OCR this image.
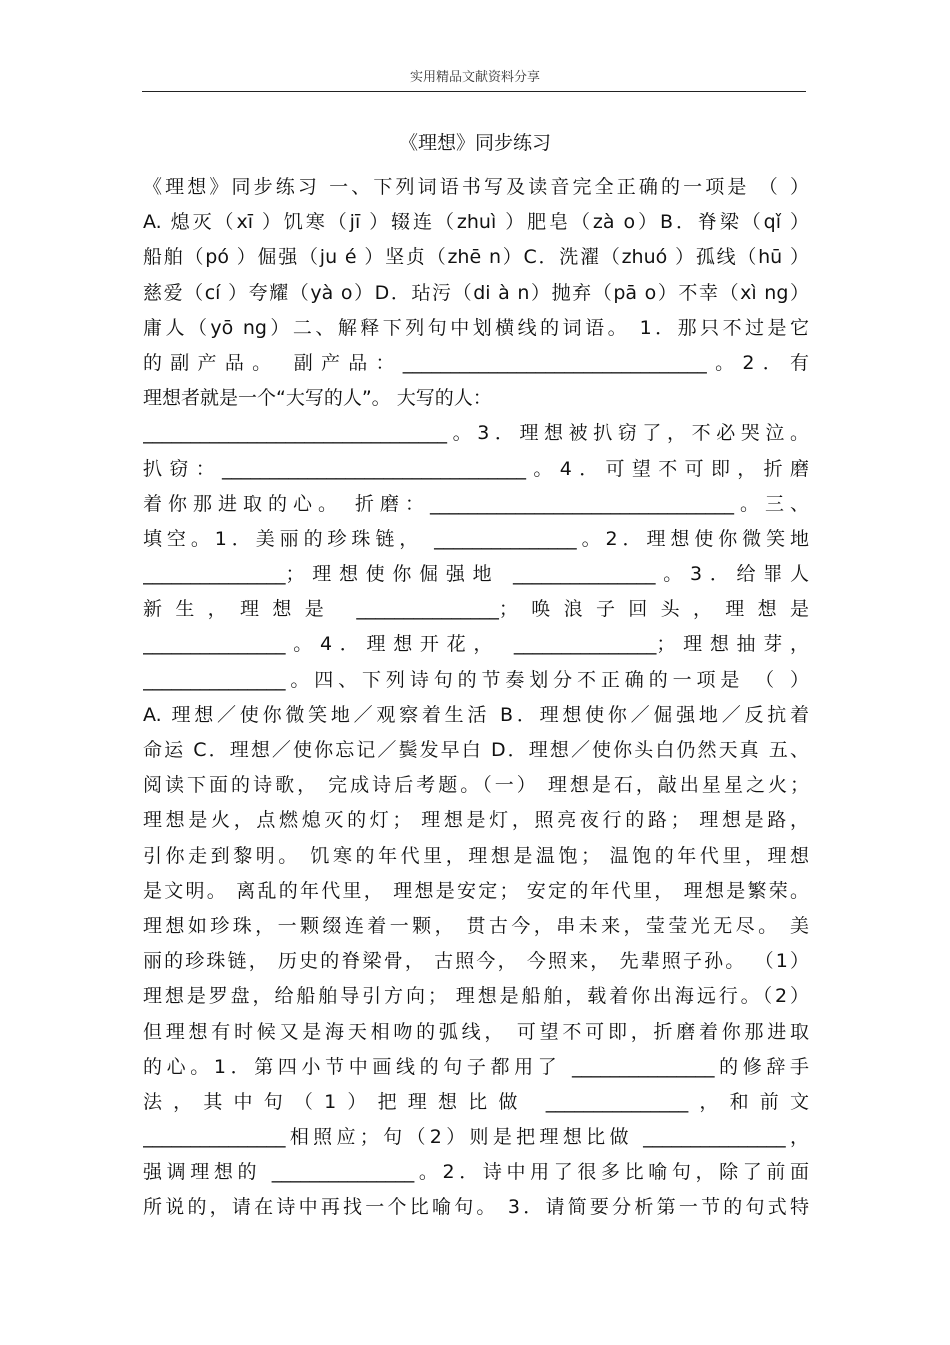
实用精品文献资料分享
《理想》同步练习
《理想》同步练习 一、下列词语书写及读音完全正确的一项是 （ ）
A. 熄灭（xī ）饥寒（jī ）辍连（zhuì ）肥皂（zà o）B．脊梁（qǐ ）
船舶（pó ）倔强（ju é ）坚贞（zhē n）C．洗濯（zhuó ）孤线（hū ）
慈爱（cí ）夸耀（yà o）D．玷污（di à n）抛弃（pā o）不幸（xì ng）
庸人（yō ng）二、解释下列句中划横线的词语。 1．那只不过是它
的副产品。 副产品：________________________________。2．有
理想者就是一个“大写的人”。 大写的人：
________________________________。3．理想被扒窃了，不必哭泣。
扒窃：________________________________。4．可望不可即，折磨
着你那进取的心。 折磨：________________________________。三、
填空。1．美丽的珍珠链， _______________。2．理想使你微笑地
_______________；理想使你倔强地 _______________。3．给罪人
新生，理想是 _______________；唤浪子回头，理想是
_______________。4．理想开花， _______________；理想抽芽，
_______________。四、下列诗句的节奏划分不正确的一项是 （ ）
A. 理想／使你微笑地／观察着生活 B．理想使你／倔强地／反抗着
命运 C．理想／使你忘记／鬓发早白 D．理想／使你头白仍然天真 五、
阅读下面的诗歌， 完成诗后考题。（一） 理想是石，敲出星星之火；
理想是火，点燃熄灭的灯； 理想是灯，照亮夜行的路； 理想是路，
引你走到黎明。 饥寒的年代里，理想是温饱； 温饱的年代里，理想
是文明。 离乱的年代里， 理想是安定； 安定的年代里， 理想是繁荣。
理想如珍珠，一颗缀连着一颗， 贯古今，串未来，莹莹光无尽。 美
丽的珍珠链， 历史的脊梁骨， 古照今， 今照来， 先辈照子孙。 （1）
理想是罗盘，给船舶导引方向； 理想是船舶，载着你出海远行。（2）
但理想有时候又是海天相吻的弧线， 可望不可即，折磨着你那进取
的心。1．第四小节中画线的句子都用了 _______________的修辞手
法，其中句（1）把理想比做 _______________，和前文
_______________相照应；句（2）则是把理想比做 _______________，
强调理想的 _______________。2．诗中用了很多比喻句，除了前面
所说的，请在诗中再找一个比喻句。 3．请简要分析第一节的句式特
